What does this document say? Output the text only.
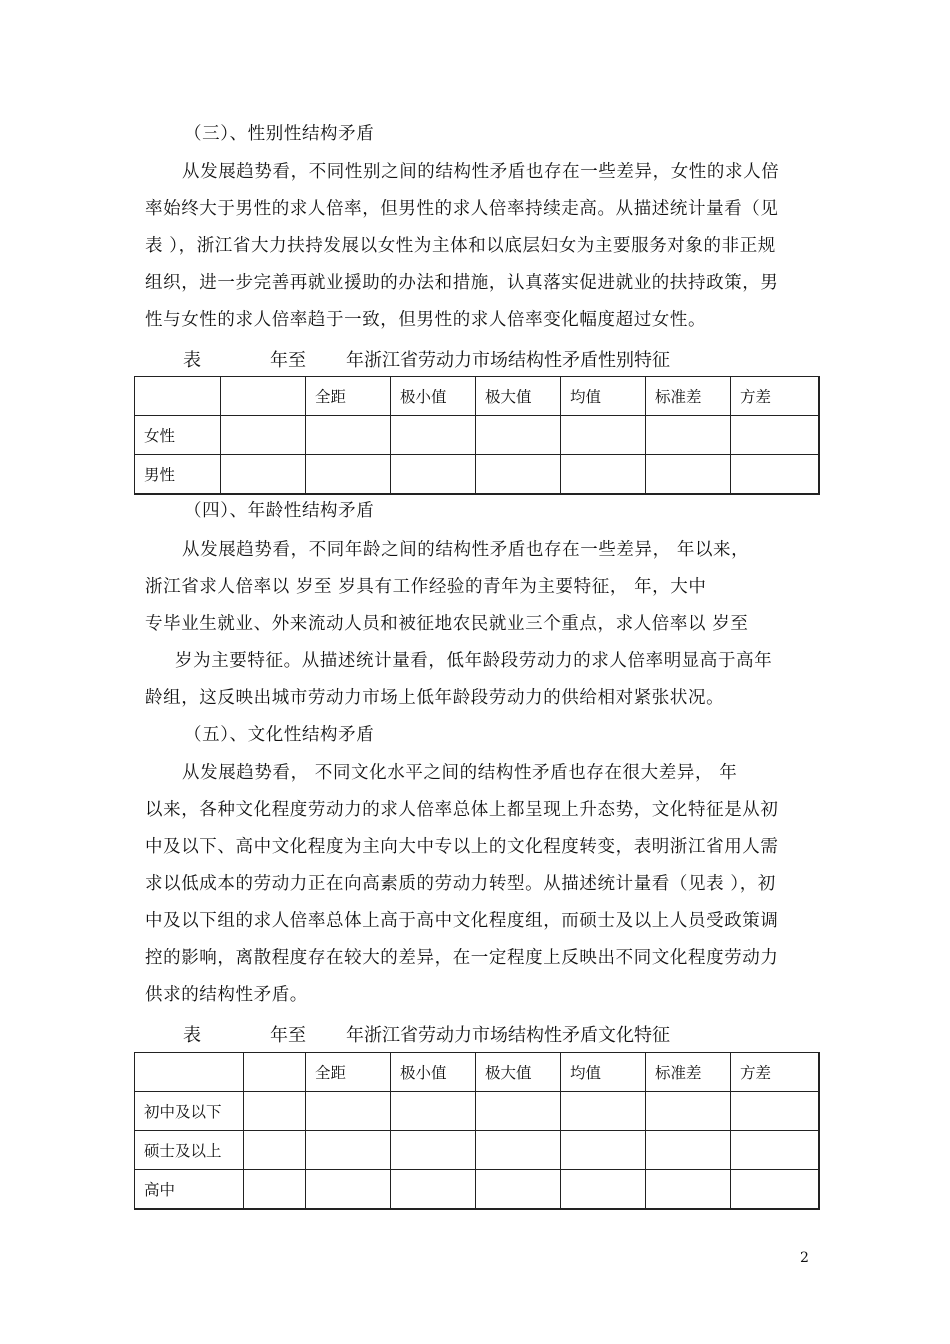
（三）、性别性结构矛盾
从发展趋势看，不同性别之间的结构性矛盾也存在一些差异，女性的求人倍
率始终大于男性的求人倍率，但男性的求人倍率持续走高。从描述统计量看（见
表 ），浙江省大力扶持发展以女性为主体和以底层妇女为主要服务对象的非正规
组织，进一步完善再就业援助的办法和措施，认真落实促进就业的扶持政策，男
性与女性的求人倍率趋于一致，但男性的求人倍率变化幅度超过女性。
表	年至 年浙江省劳动力市场结构性矛盾性别特征
		全距	极小值	极大值	均值	标准差	方差
女性							
男性							
（四）、年龄性结构矛盾
从发展趋势看，不同年龄之间的结构性矛盾也存在一些差异， 年以来，
浙江省求人倍率以 岁至 岁具有工作经验的青年为主要特征， 年，大中
专毕业生就业、外来流动人员和被征地农民就业三个重点，求人倍率以 岁至
岁为主要特征。从描述统计量看，低年龄段劳动力的求人倍率明显高于高年
龄组，这反映出城市劳动力市场上低年龄段劳动力的供给相对紧张状况。
（五）、文化性结构矛盾
从发展趋势看， 不同文化水平之间的结构性矛盾也存在很大差异， 年
以来，各种文化程度劳动力的求人倍率总体上都呈现上升态势，文化特征是从初
中及以下、高中文化程度为主向大中专以上的文化程度转变，表明浙江省用人需
求以低成本的劳动力正在向高素质的劳动力转型。从描述统计量看（见表 ），初
中及以下组的求人倍率总体上高于高中文化程度组，而硕士及以上人员受政策调
控的影响，离散程度存在较大的差异，在一定程度上反映出不同文化程度劳动力
供求的结构性矛盾。
表	年至 年浙江省劳动力市场结构性矛盾文化特征
		全距	极小值	极大值	均值	标准差	方差
初中及以下							
硕士及以上							
高中							
2
